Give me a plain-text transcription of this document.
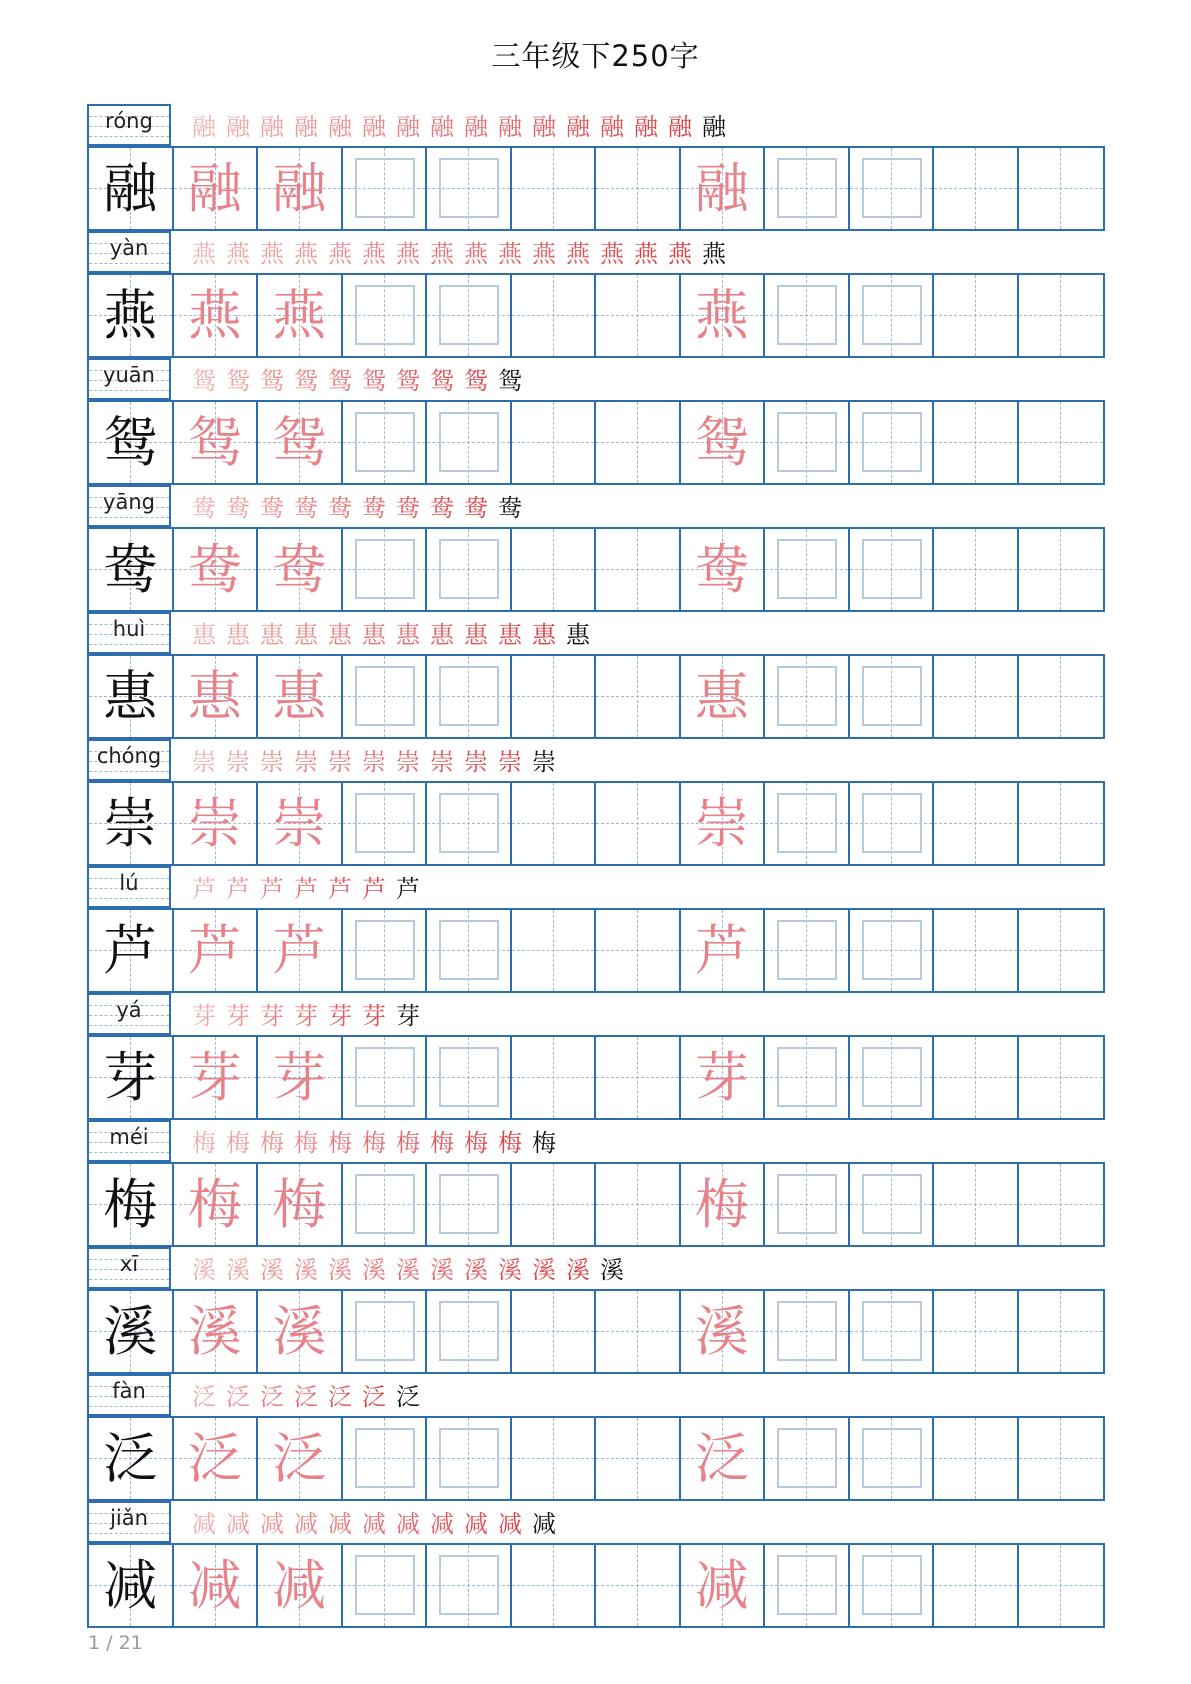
三年级下250字
róng	融 融 融 融 融 融 融 融 融 融 融 融 融 融 融 融
融 融 融	融
yàn	燕 燕 燕 燕 燕 燕 燕 燕 燕 燕 燕 燕 燕 燕 燕 燕
燕 燕 燕	燕
yuān	鸳 鸳 鸳 鸳 鸳 鸳 鸳 鸳 鸳 鸳
鸳 鸳 鸳	鸳
yāng	鸯 鸯 鸯 鸯 鸯 鸯 鸯 鸯 鸯 鸯
鸯 鸯 鸯	鸯
huì	惠 惠 惠 惠 惠 惠 惠 惠 惠 惠 惠 惠
惠 惠 惠	惠
chóng	崇 崇 崇 崇 崇 崇 崇 崇 崇 崇 崇
崇 崇 崇	崇
lú	芦 芦 芦 芦 芦 芦 芦
芦 芦 芦	芦
yá	芽 芽 芽 芽 芽 芽 芽
芽 芽 芽	芽
méi	梅 梅 梅 梅 梅 梅 梅 梅 梅 梅 梅
梅 梅 梅	梅
xī	溪 溪 溪 溪 溪 溪 溪 溪 溪 溪 溪 溪 溪
溪 溪 溪	溪
fàn	泛 泛 泛 泛 泛 泛 泛
泛 泛 泛	泛
jiǎn	减 减 减 减 减 减 减 减 减 减 减
减 减 减	减
1 / 21
